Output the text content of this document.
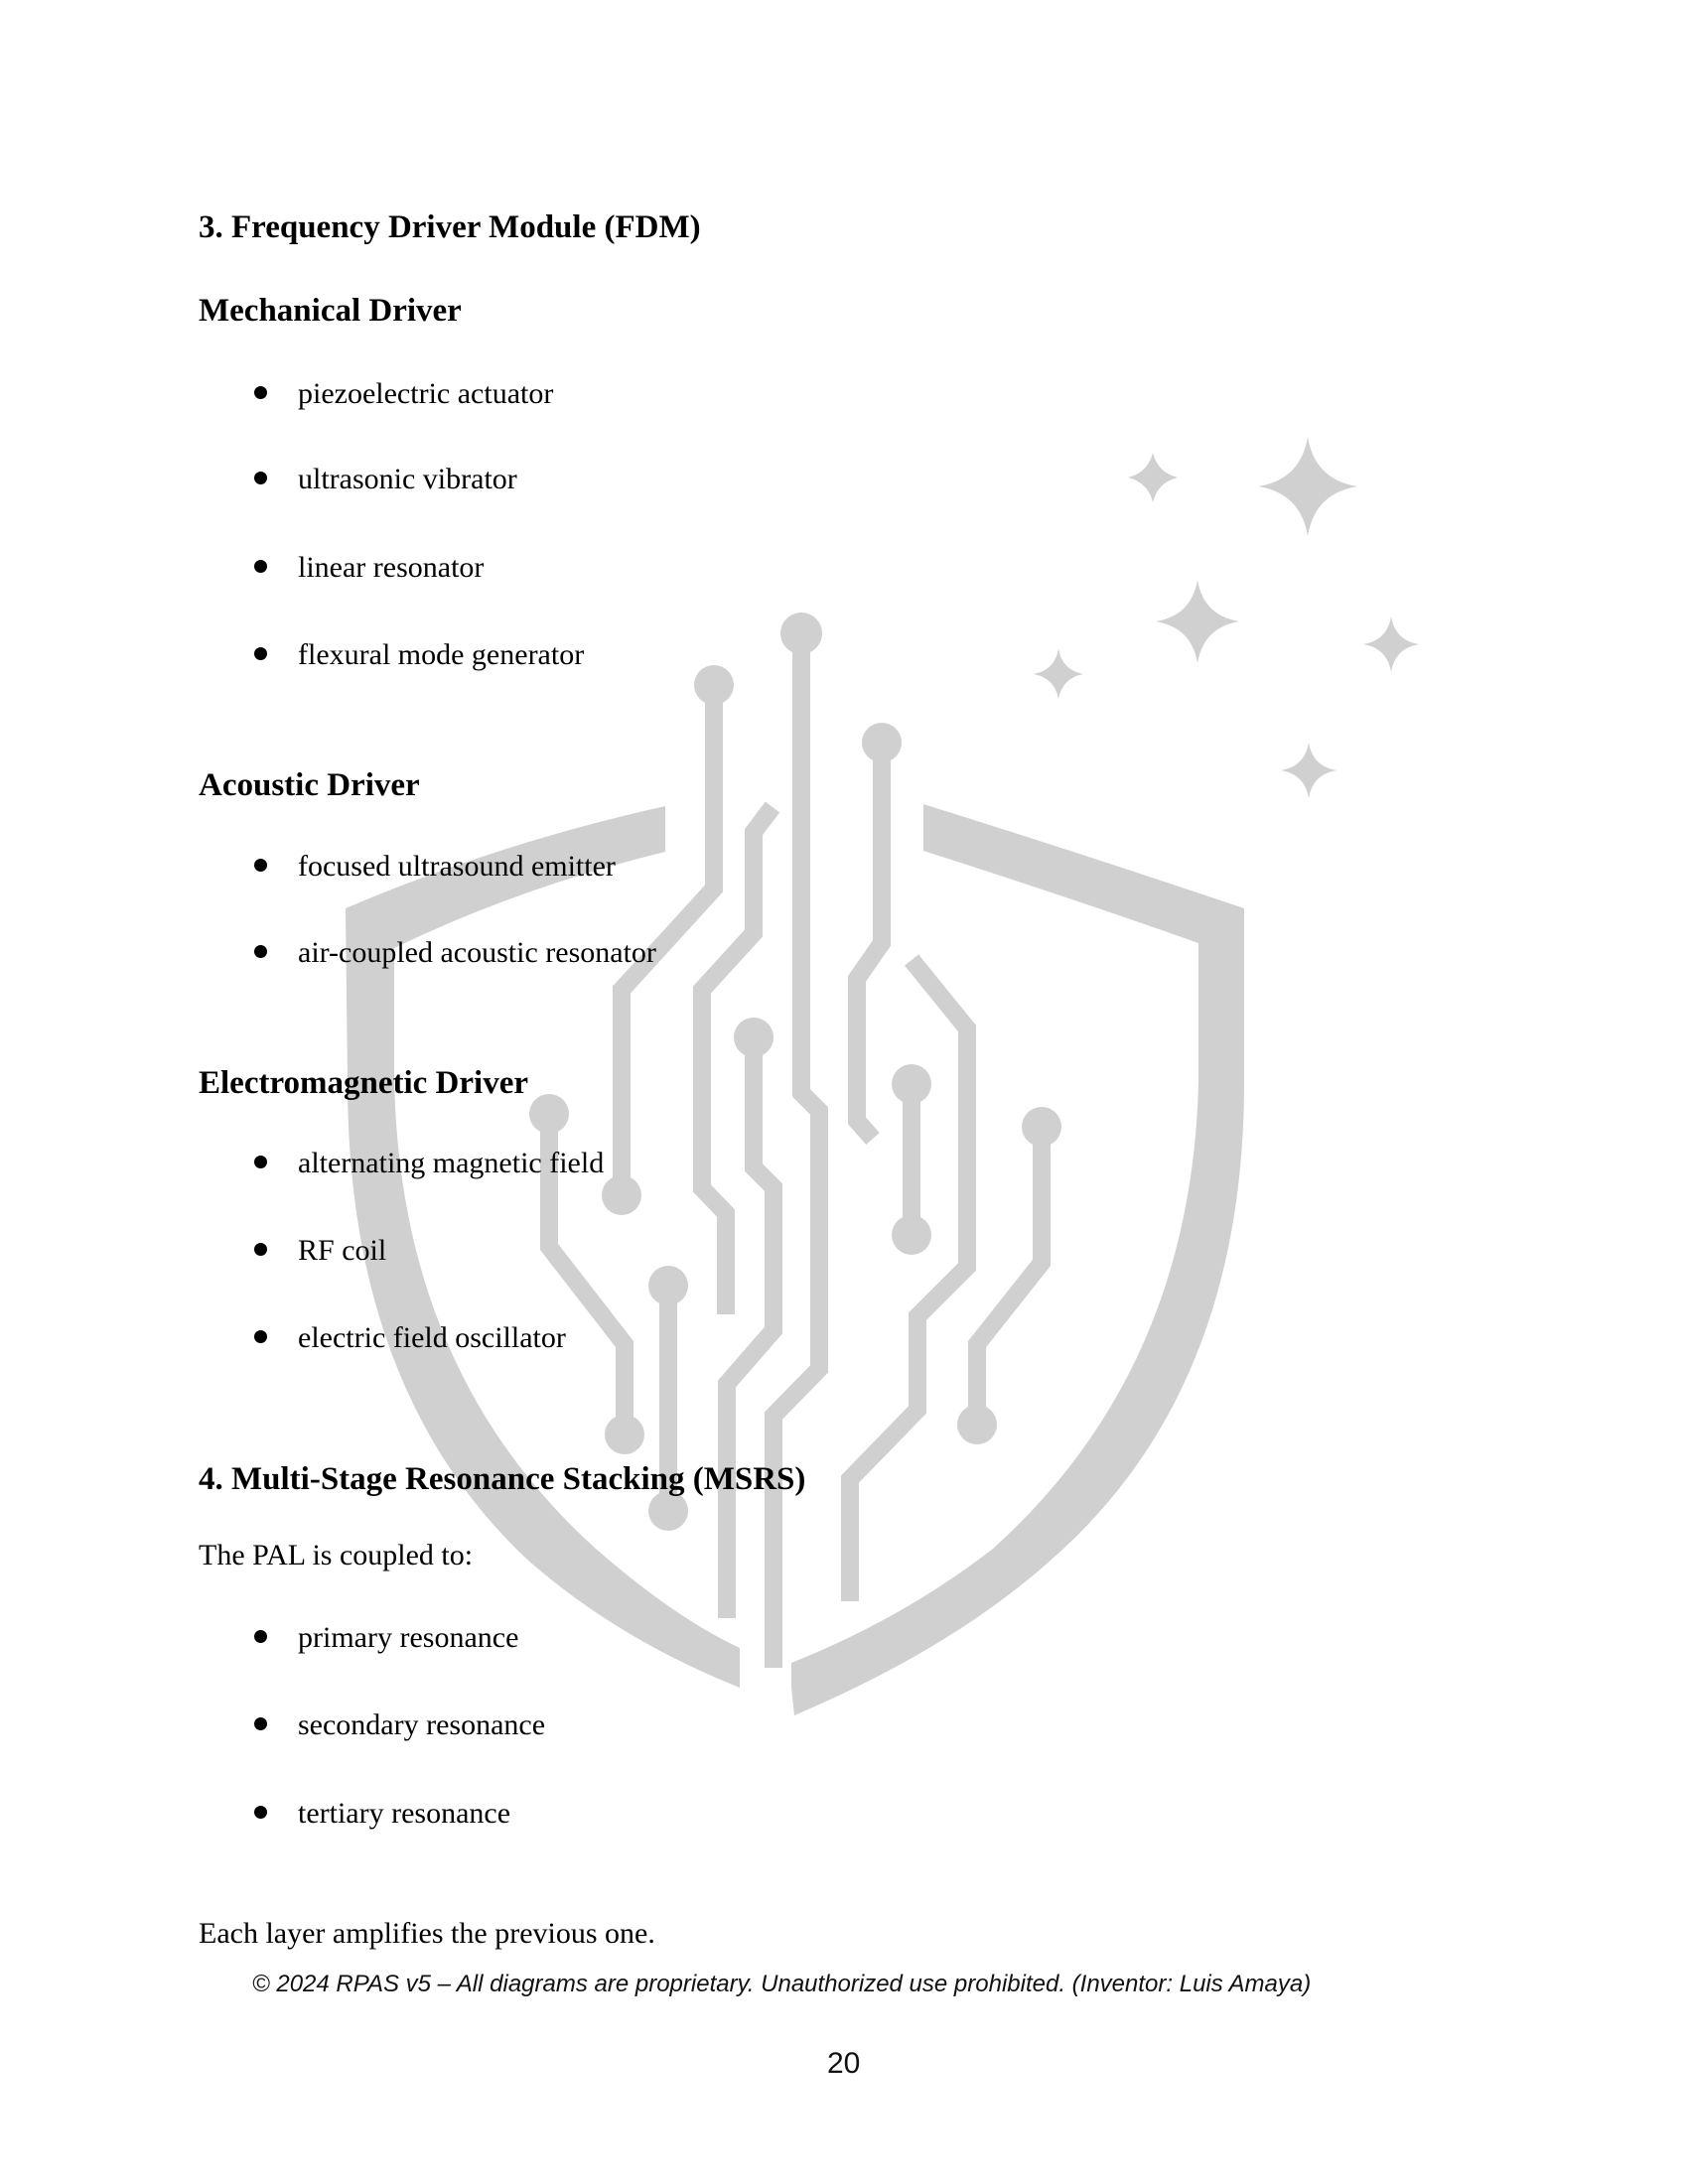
3. Frequency Driver Module (FDM)
Mechanical Driver
piezoelectric actuator
ultrasonic vibrator
linear resonator
flexural mode generator
Acoustic Driver
focused ultrasound emitter
air-coupled acoustic resonator
Electromagnetic Driver
alternating magnetic field
RF coil
electric field oscillator
4. Multi-Stage Resonance Stacking (MSRS)
The PAL is coupled to:
primary resonance
secondary resonance
tertiary resonance
Each layer amplifies the previous one.
© 2024 RPAS v5 – All diagrams are proprietary. Unauthorized use prohibited. (Inventor: Luis Amaya)
20
